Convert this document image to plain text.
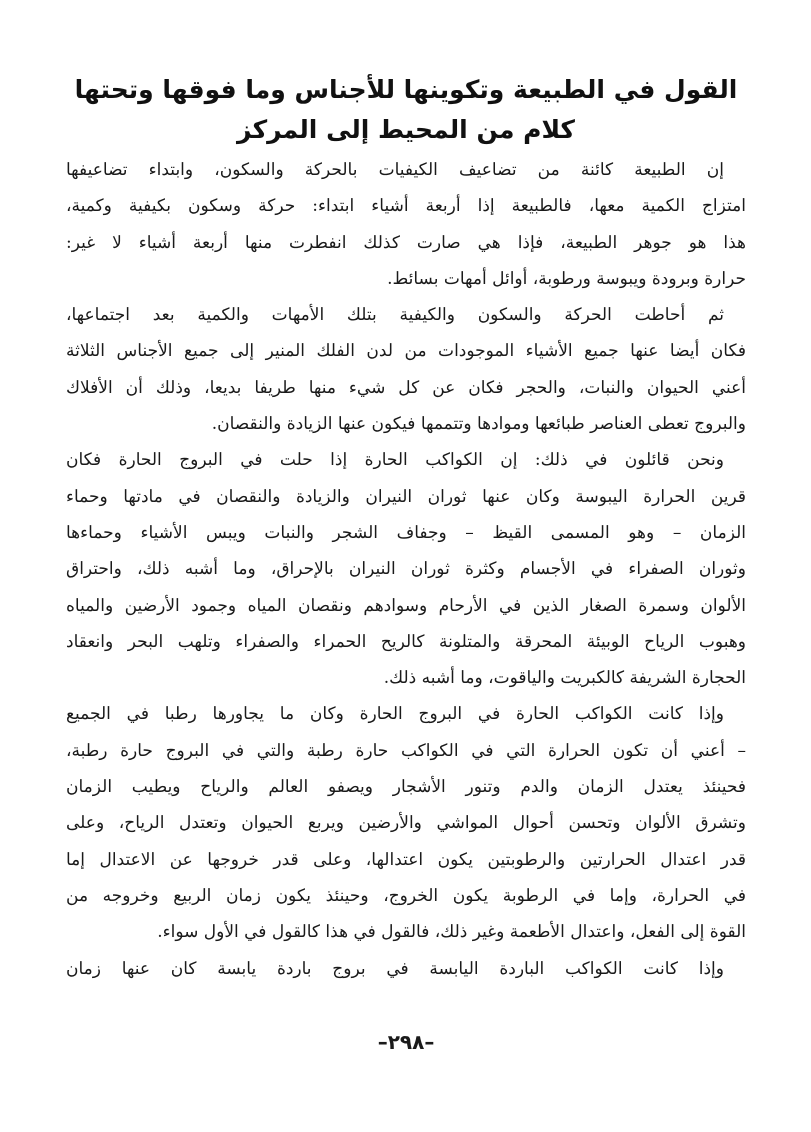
القول في الطبيعة وتكوينها للأجناس وما فوقها وتحتها
كلام من المحيط إلى المركز

إن الطبيعة كائنة من تضاعيف الكيفيات بالحركة والسكون، وابتداء تضاعيفها
امتزاج الكمية معها، فالطبيعة إذا أربعة أشياء ابتداء: حركة وسكون بكيفية وكمية،
هذا هو جوهر الطبيعة، فإذا هي صارت كذلك انفطرت منها أربعة أشياء لا غير:
حرارة وبرودة ويبوسة ورطوبة، أوائل أمهات بسائط.

ثم أحاطت الحركة والسكون والكيفية بتلك الأمهات والكمية بعد اجتماعها،
فكان أيضا عنها جميع الأشياء الموجودات من لدن الفلك المنير إلى جميع الأجناس الثلاثة
أعني الحيوان والنبات، والحجر فكان عن كل شيء منها طريفا بديعا، وذلك أن الأفلاك
والبروج تعطى العناصر طبائعها وموادها وتتممها فيكون عنها الزيادة والنقصان.

ونحن قائلون في ذلك: إن الكواكب الحارة إذا حلت في البروج الحارة فكان
قرين الحرارة اليبوسة وكان عنها ثوران النيران والزيادة والنقصان في مادتها وحماء
الزمان – وهو المسمى القيظ – وجفاف الشجر والنبات ويبس الأشياء وحماءها
وثوران الصفراء في الأجسام وكثرة ثوران النيران بالإحراق، وما أشبه ذلك، واحتراق
الألوان وسمرة الصغار الذين في الأرحام وسوادهم ونقصان المياه وجمود الأرضين والمياه
وهبوب الرياح الوبيئة المحرقة والمتلونة كالريح الحمراء والصفراء وتلهب البحر وانعقاد
الحجارة الشريفة كالكبريت والياقوت، وما أشبه ذلك.

وإذا كانت الكواكب الحارة في البروج الحارة وكان ما يجاورها رطبا في الجميع
– أعني أن تكون الحرارة التي في الكواكب حارة رطبة والتي في البروج حارة رطبة،
فحينئذ يعتدل الزمان والدم وتنور الأشجار ويصفو العالم والرياح ويطيب الزمان
وتشرق الألوان وتحسن أحوال المواشي والأرضين ويربع الحيوان وتعتدل الرياح، وعلى
قدر اعتدال الحرارتين والرطوبتين يكون اعتدالها، وعلى قدر خروجها عن الاعتدال إما
في الحرارة، وإما في الرطوبة يكون الخروج، وحينئذ يكون زمان الربيع وخروجه من
القوة إلى الفعل، واعتدال الأطعمة وغير ذلك، فالقول في هذا كالقول في الأول سواء.

وإذا كانت الكواكب الباردة اليابسة في بروج باردة يابسة كان عنها زمان

–٢٩٨–
